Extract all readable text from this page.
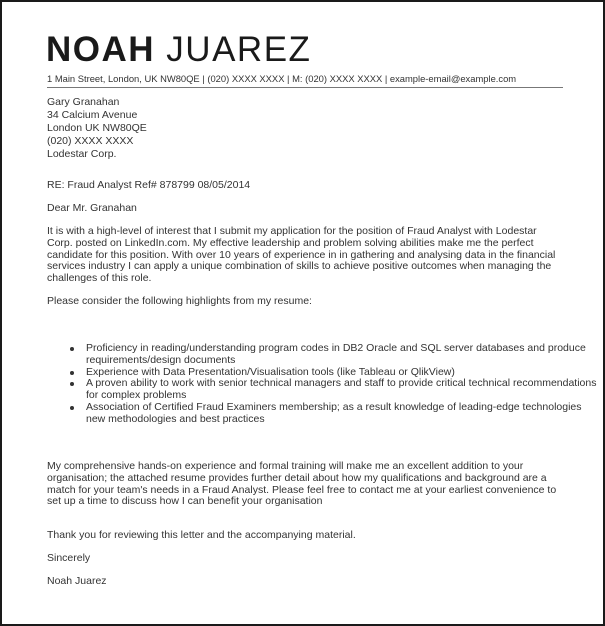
NOAH JUAREZ
1 Main Street, London, UK NW80QE | (020) XXXX XXXX | M: (020) XXXX XXXX | example-email@example.com
Gary Granahan
34 Calcium Avenue
London UK NW80QE
(020) XXXX XXXX
Lodestar Corp.
RE: Fraud Analyst Ref# 878799 08/05/2014
Dear Mr. Granahan
It is with a high-level of interest that I submit my application for the position of Fraud Analyst with Lodestar Corp. posted on LinkedIn.com. My effective leadership and problem solving abilities make me the perfect candidate for this position. With over 10 years of experience in in gathering and analysing data in the financial services industry I can apply a unique combination of skills to achieve positive outcomes when managing the challenges of this role.
Please consider the following highlights from my resume:
Proficiency in reading/understanding program codes in DB2 Oracle and SQL server databases and produce requirements/design documents
Experience with Data Presentation/Visualisation tools (like Tableau or QlikView)
A proven ability to work with senior technical managers and staff to provide critical technical recommendations for complex problems
Association of Certified Fraud Examiners membership; as a result knowledge of leading-edge technologies new methodologies and best practices
My comprehensive hands-on experience and formal training will make me an excellent addition to your organisation; the attached resume provides further detail about how my qualifications and background are a match for your team's needs in a Fraud Analyst. Please feel free to contact me at your earliest convenience to set up a time to discuss how I can benefit your organisation
Thank you for reviewing this letter and the accompanying material.
Sincerely
Noah Juarez
